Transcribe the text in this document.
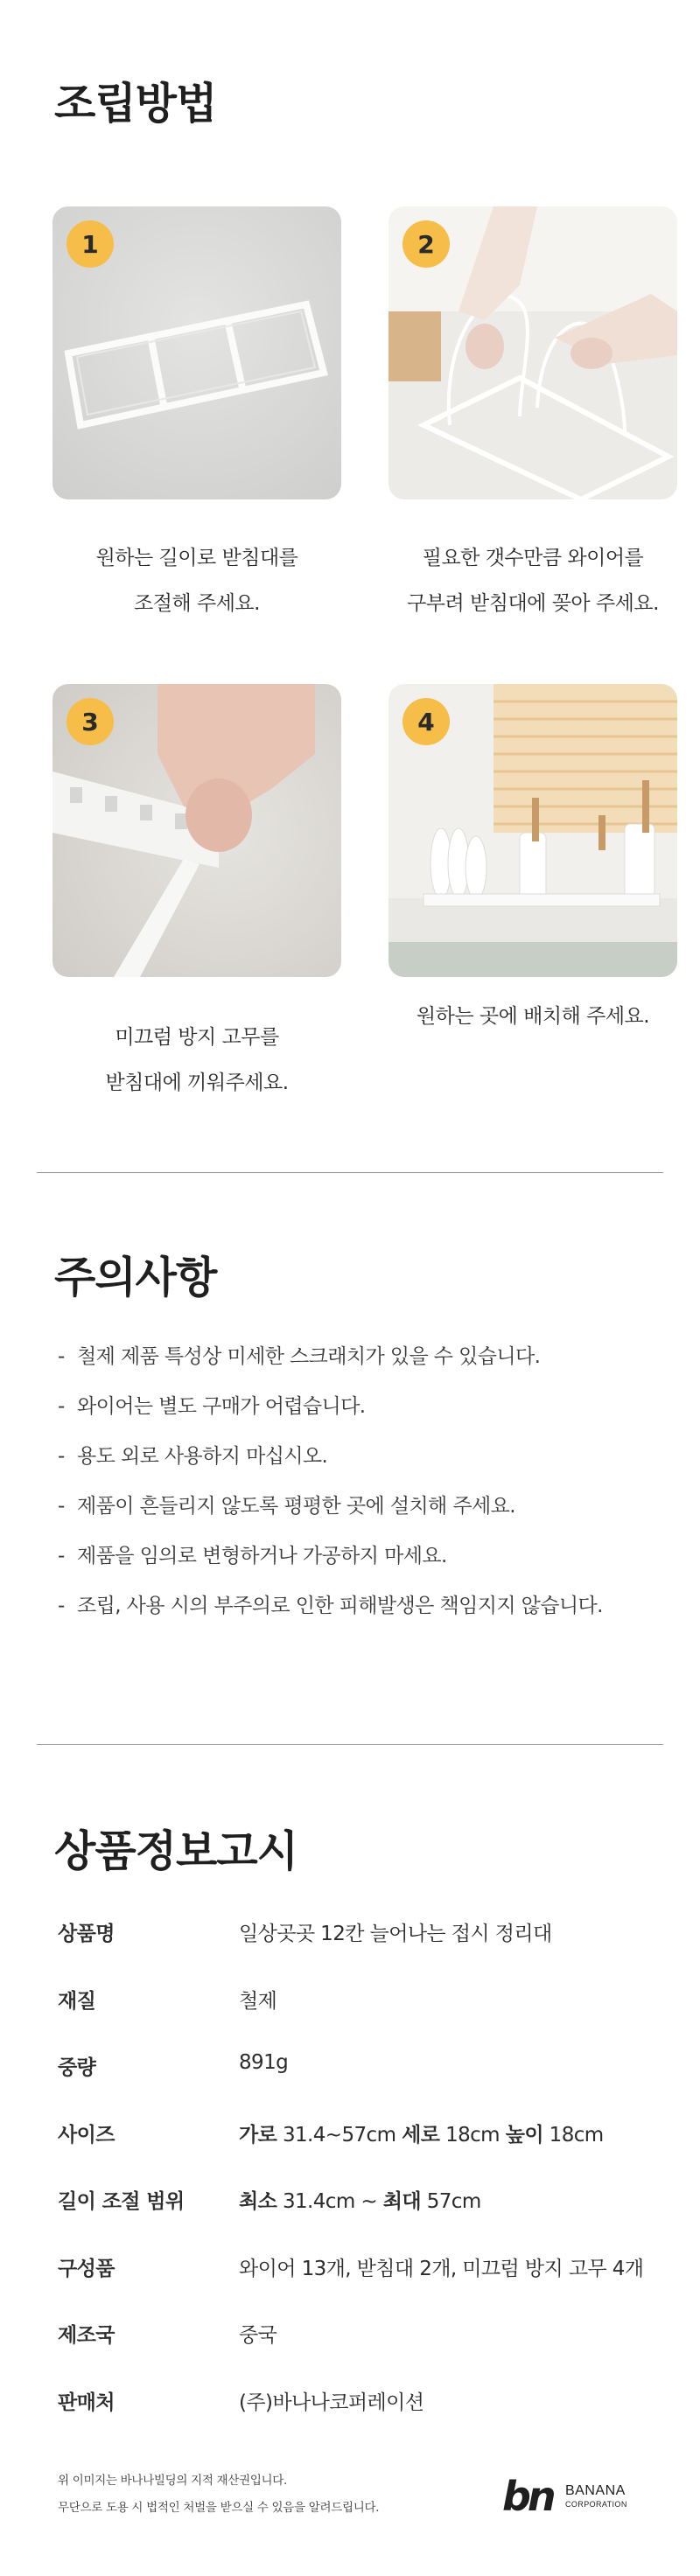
조립방법
1
원하는 길이로 받침대를
조절해 주세요.
2
필요한 갯수만큼 와이어를
구부려 받침대에 꽂아 주세요.
3
미끄럼 방지 고무를
받침대에 끼워주세요.
4
원하는 곳에 배치해 주세요.
주의사항
- 철제 제품 특성상 미세한 스크래치가 있을 수 있습니다.
- 와이어는 별도 구매가 어렵습니다.
- 용도 외로 사용하지 마십시오.
- 제품이 흔들리지 않도록 평평한 곳에 설치해 주세요.
- 제품을 임의로 변형하거나 가공하지 마세요.
- 조립, 사용 시의 부주의로 인한 피해발생은 책임지지 않습니다.
상품정보고시
상품명	일상곳곳 12칸 늘어나는 접시 정리대
재질	철제
중량	891g
사이즈	가로 31.4~57cm 세로 18cm 높이 18cm
길이 조절 범위	최소 31.4cm ~ 최대 57cm
구성품	와이어 13개, 받침대 2개, 미끄럼 방지 고무 4개
제조국	중국
판매처	(주)바나나코퍼레이션
위 이미지는 바나나빌딩의 지적 재산권입니다.
무단으로 도용 시 법적인 처벌을 받으실 수 있음을 알려드립니다.	bn BANANA
CORPORATION
